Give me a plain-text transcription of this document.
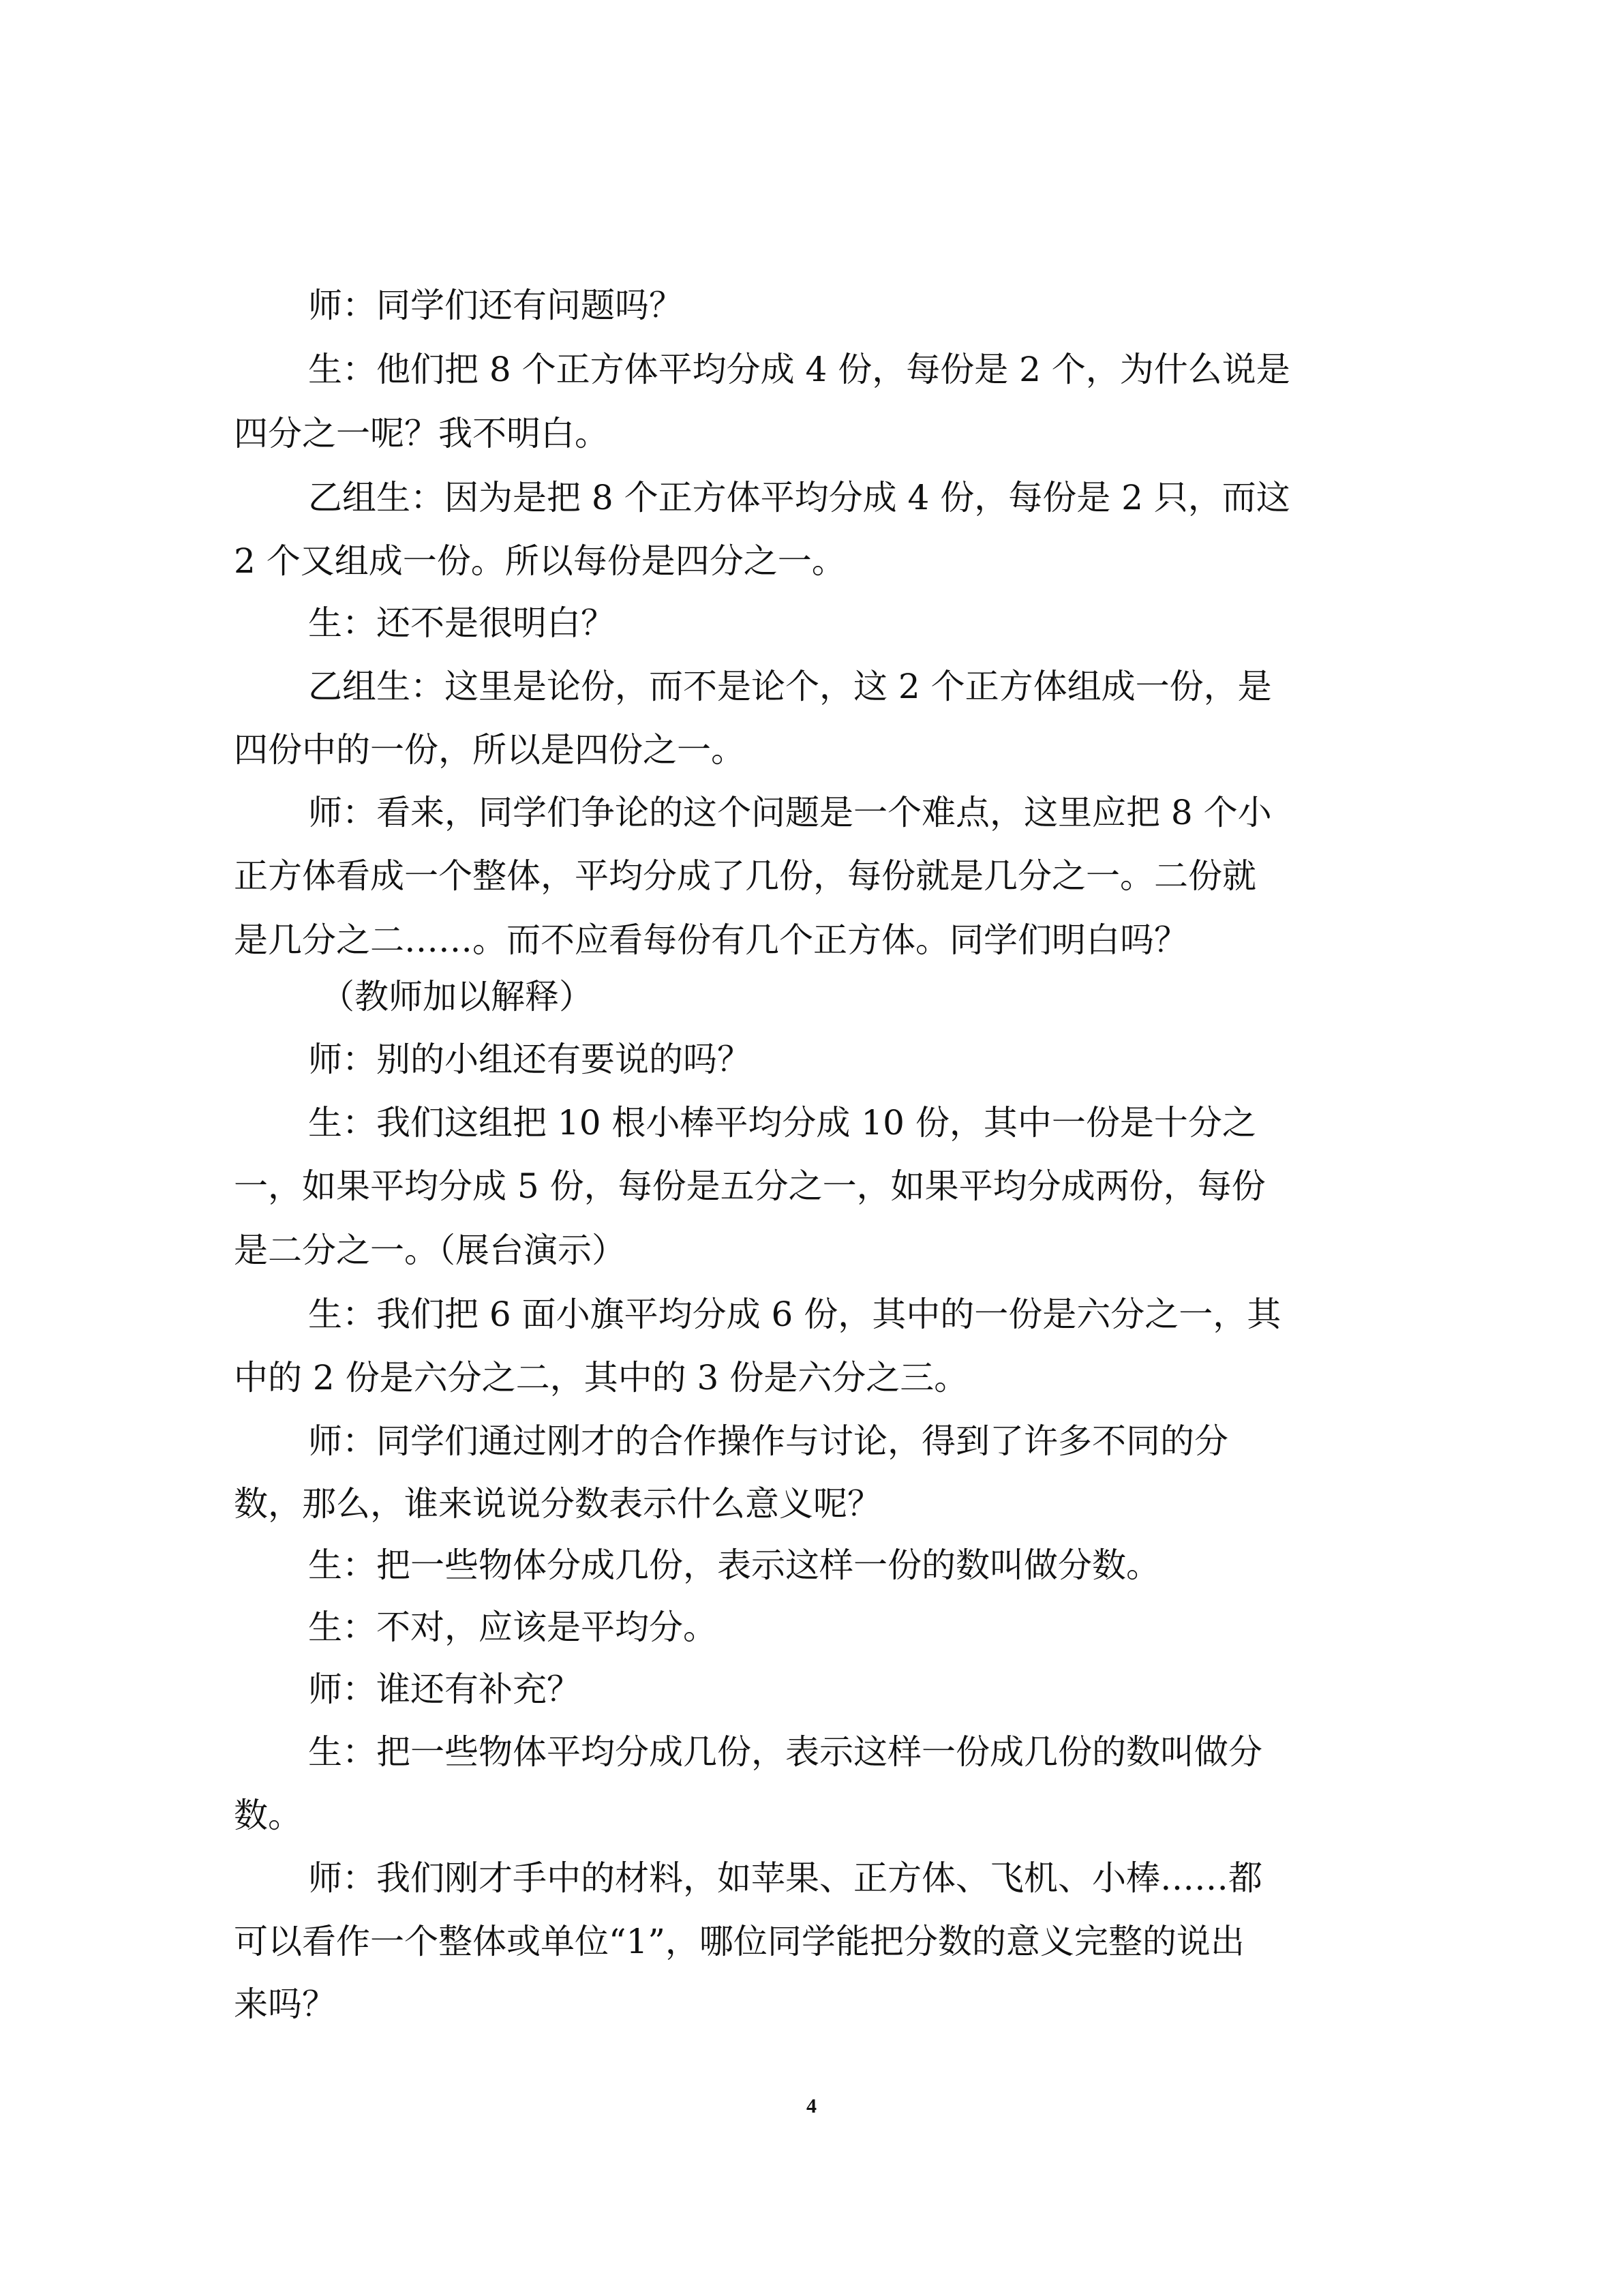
师：同学们还有问题吗？
生：他们把 8 个正方体平均分成 4 份，每份是 2 个，为什么说是
四分之一呢？我不明白。
乙组生：因为是把 8 个正方体平均分成 4 份，每份是 2 只，而这
2 个又组成一份。所以每份是四分之一。
生：还不是很明白？
乙组生：这里是论份，而不是论个，这 2 个正方体组成一份，是
四份中的一份，所以是四份之一。
师：看来，同学们争论的这个问题是一个难点，这里应把 8 个小
正方体看成一个整体，平均分成了几份，每份就是几分之一。二份就
是几分之二……。而不应看每份有几个正方体。同学们明白吗？
（教师加以解释）
师：别的小组还有要说的吗？
生：我们这组把 10 根小棒平均分成 10 份，其中一份是十分之
一，如果平均分成 5 份，每份是五分之一，如果平均分成两份，每份
是二分之一。（展台演示）
生：我们把 6 面小旗平均分成 6 份，其中的一份是六分之一，其
中的 2 份是六分之二，其中的 3 份是六分之三。
师：同学们通过刚才的合作操作与讨论，得到了许多不同的分
数，那么，谁来说说分数表示什么意义呢？
生：把一些物体分成几份，表示这样一份的数叫做分数。
生：不对，应该是平均分。
师：谁还有补充？
生：把一些物体平均分成几份，表示这样一份成几份的数叫做分
数。
师：我们刚才手中的材料，如苹果、正方体、飞机、小棒……都
可以看作一个整体或单位“1”，哪位同学能把分数的意义完整的说出
来吗？
4
